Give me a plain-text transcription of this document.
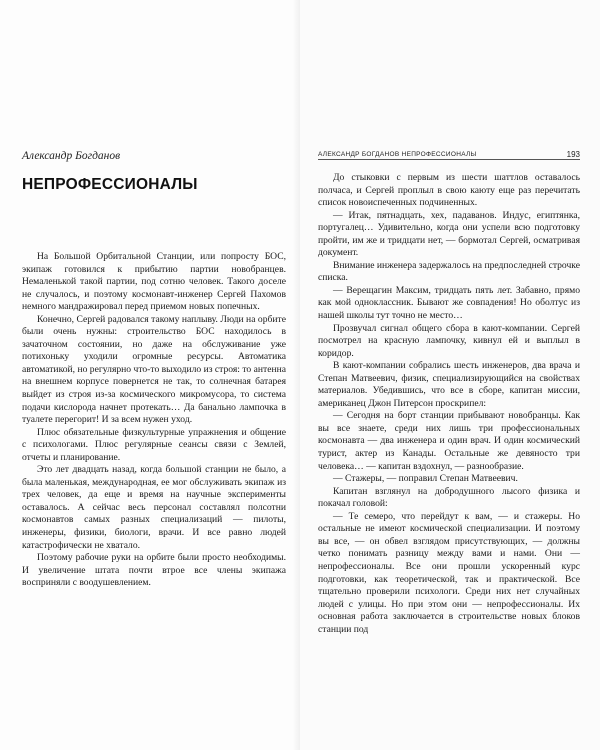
Александр Богданов
НЕПРОФЕССИОНАЛЫ

На Большой Орбитальной Станции, или попросту БОС, экипаж готовился к прибытию партии новобранцев. Немаленькой такой партии, под сотню человек. Такого доселе не случалось, и поэтому космонавт-инженер Сергей Пахомов немного мандражировал перед приемом новых попечных.

Конечно, Сергей радовался такому наплыву. Люди на орбите были очень нужны: строительство БОС находилось в зачаточном состоянии, но даже на обслуживание уже потихоньку уходили огромные ресурсы. Автоматика автоматикой, но регулярно что-то выходило из строя: то антенна на внешнем корпусе повернется не так, то солнечная батарея выйдет из строя из-за космического микромусора, то система подачи кислорода начнет протекать… Да банально лампочка в туалете перегорит! И за всем нужен уход.

Плюс обязательные физкультурные упражнения и общение с психологами. Плюс регулярные сеансы связи с Землей, отчеты и планирование.

Это лет двадцать назад, когда большой станции не было, а была маленькая, международная, ее мог обслуживать экипаж из трех человек, да еще и время на научные эксперименты оставалось. А сейчас весь персонал составлял полсотни космонавтов самых разных специализаций — пилоты, инженеры, физики, биологи, врачи. И все равно людей катастрофически не хватало.

Поэтому рабочие руки на орбите были просто необходимы. И увеличение штата почти втрое все члены экипажа восприняли с воодушевлением.

АЛЕКСАНДР БОГДАНОВ НЕПРОФЕССИОНАЛЫ	193

До стыковки с первым из шести шаттлов оставалось полчаса, и Сергей проплыл в свою каюту еще раз перечитать список новоиспеченных подчиненных.

— Итак, пятнадцать, хех, падаванов. Индус, египтянка, португалец… Удивительно, когда они успели всю подготовку пройти, им же и тридцати нет, — бормотал Сергей, осматривая документ.

Внимание инженера задержалось на предпоследней строчке списка.

— Верещагин Максим, тридцать пять лет. Забавно, прямо как мой одноклассник. Бывают же совпадения! Но оболтус из нашей школы тут точно не место…

Прозвучал сигнал общего сбора в кают-компании. Сергей посмотрел на красную лампочку, кивнул ей и выплыл в коридор.

В кают-компании собрались шесть инженеров, два врача и Степан Матвеевич, физик, специализирующийся на свойствах материалов. Убедившись, что все в сборе, капитан миссии, американец Джон Питерсон проскрипел:

— Сегодня на борт станции прибывают новобранцы. Как вы все знаете, среди них лишь три профессиональных космонавта — два инженера и один врач. И один космический турист, актер из Канады. Остальные же девяносто три человека… — капитан вздохнул, — разнообразие.

— Стажеры, — поправил Степан Матвеевич.

Капитан взглянул на добродушного лысого физика и покачал головой:

— Те семеро, что перейдут к вам, — и стажеры. Но остальные не имеют космической специализации. И поэтому вы все, — он обвел взглядом присутствующих, — должны четко понимать разницу между вами и нами. Они — непрофессионалы. Все они прошли ускоренный курс подготовки, как теоретической, так и практической. Все тщательно проверили психологи. Среди них нет случайных людей с улицы. Но при этом они — непрофессионалы. Их основная работа заключается в строительстве новых блоков станции под
